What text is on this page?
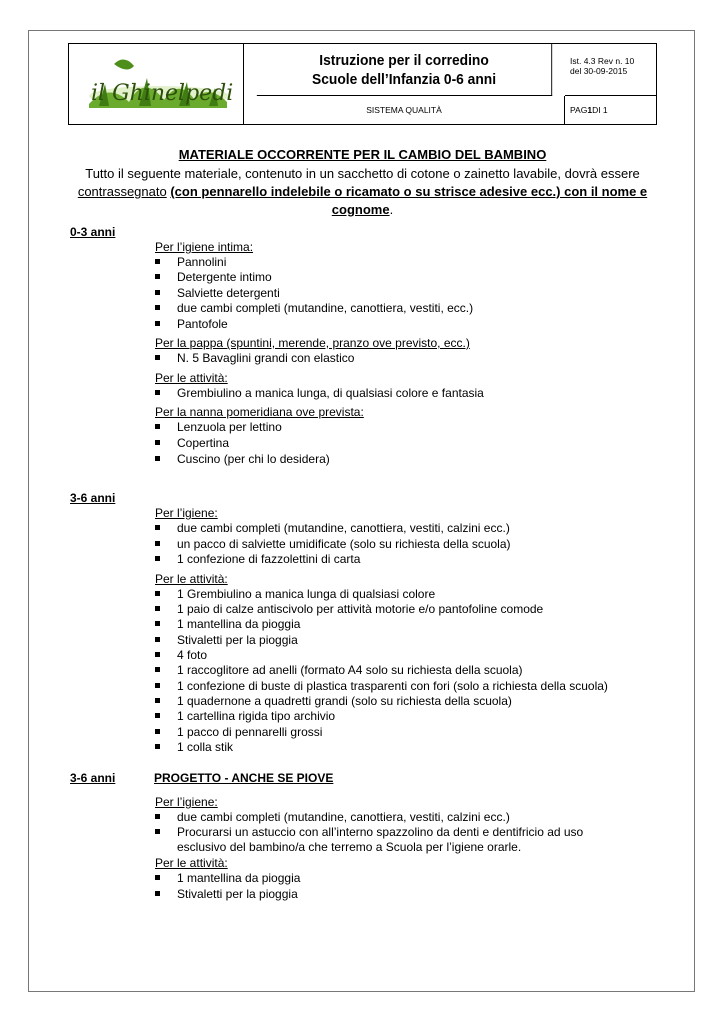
il Ghinelpedi
Istruzione per il corredino
Scuole dell’Infanzia 0-6 anni
Ist. 4.3 Rev n. 10
del 30-09-2015
SISTEMA QUALITÀ	PAG 1 DI 1
MATERIALE OCCORRENTE PER IL CAMBIO DEL BAMBINO
Tutto il seguente materiale, contenuto in un sacchetto di cotone o zainetto lavabile, dovrà essere
contrassegnato (con pennarello indelebile o ricamato o su strisce adesive ecc.) con il nome e cognome.
0-3 anni
Per l’igiene intima:
Pannolini
Detergente intimo
Salviette detergenti
due cambi completi (mutandine, canottiera, vestiti, ecc.)
Pantofole
Per la pappa (spuntini, merende, pranzo ove previsto, ecc.)
N. 5 Bavaglini grandi con elastico
Per le attività:
Grembiulino a manica lunga, di qualsiasi colore e fantasia
Per la nanna pomeridiana ove prevista:
Lenzuola per lettino
Copertina
Cuscino (per chi lo desidera)
3-6 anni
Per l’igiene:
due cambi completi (mutandine, canottiera, vestiti, calzini ecc.)
un pacco di salviette umidificate (solo su richiesta della scuola)
1 confezione di fazzolettini di carta
Per le attività:
1 Grembiulino a manica lunga di qualsiasi colore
1 paio di calze antiscivolo per attività motorie e/o pantofoline comode
1 mantellina da pioggia
Stivaletti per la pioggia
4 foto
1 raccoglitore ad anelli (formato A4 solo su richiesta della scuola)
1 confezione di buste di plastica trasparenti con fori (solo a richiesta della scuola)
1 quadernone a quadretti grandi (solo su richiesta della scuola)
1 cartellina rigida tipo archivio
1 pacco di pennarelli grossi
1 colla stik
3-6 anni	PROGETTO - ANCHE SE PIOVE
Per l’igiene:
due cambi completi (mutandine, canottiera, vestiti, calzini ecc.)
Procurarsi un astuccio con all’interno spazzolino da denti e dentifricio ad uso esclusivo del bambino/a che terremo a Scuola per l’igiene orarle.
Per le attività:
1 mantellina da pioggia
Stivaletti per la pioggia
